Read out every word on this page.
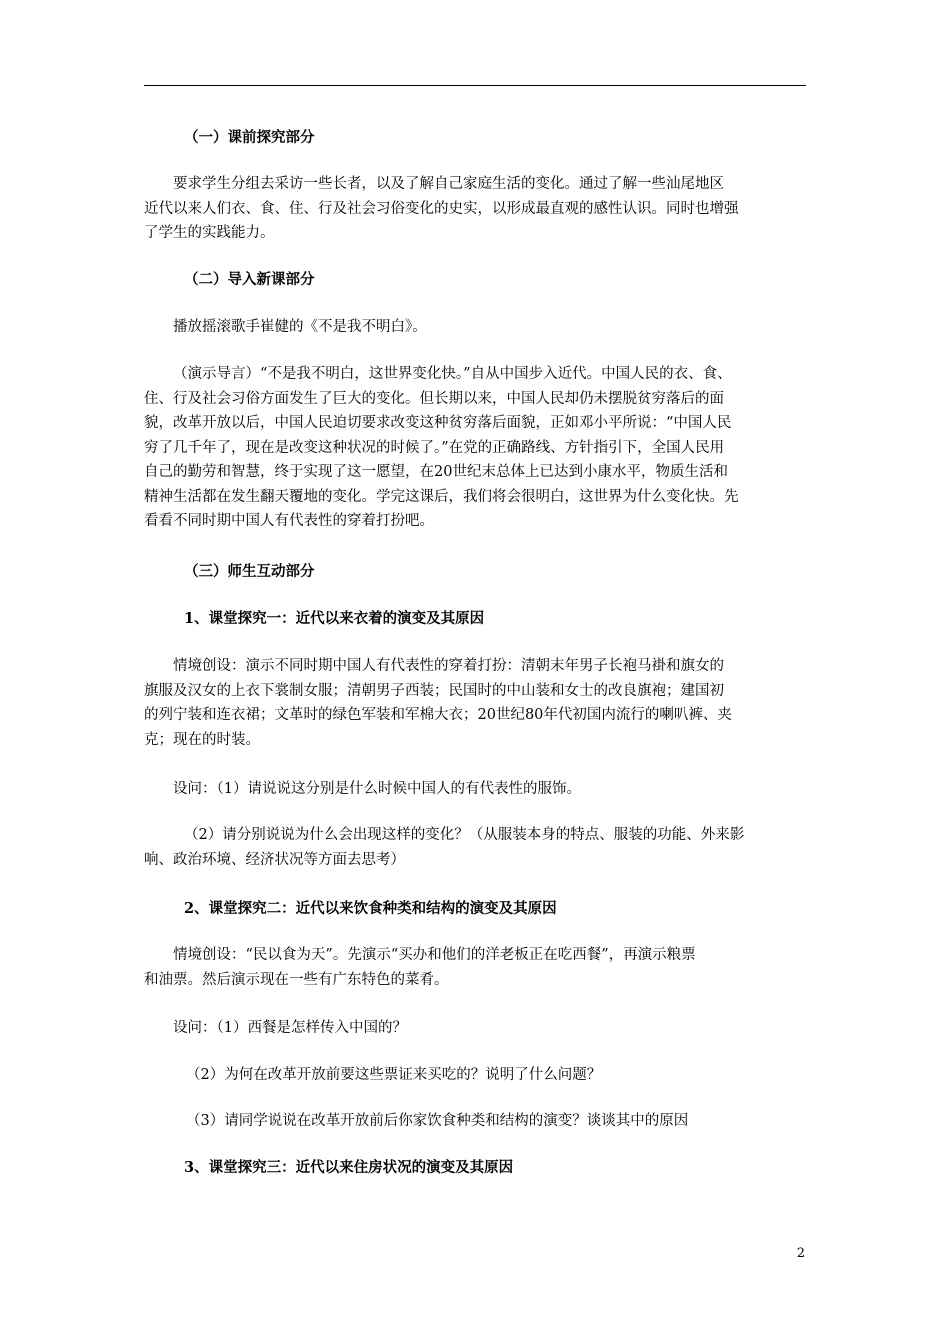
（一）课前探究部分

要求学生分组去采访一些长者，以及了解自己家庭生活的变化。通过了解一些汕尾地区
近代以来人们衣、食、住、行及社会习俗变化的史实，以形成最直观的感性认识。同时也增强
了学生的实践能力。

（二）导入新课部分

播放摇滚歌手崔健的《不是我不明白》。

（演示导言）“不是我不明白，这世界变化快。”自从中国步入近代。中国人民的衣、食、
住、行及社会习俗方面发生了巨大的变化。但长期以来，中国人民却仍未摆脱贫穷落后的面
貌，改革开放以后，中国人民迫切要求改变这种贫穷落后面貌，正如邓小平所说：“中国人民
穷了几千年了，现在是改变这种状况的时候了。”在党的正确路线、方针指引下，全国人民用
自己的勤劳和智慧，终于实现了这一愿望，在20世纪末总体上已达到小康水平，物质生活和
精神生活都在发生翻天覆地的变化。学完这课后，我们将会很明白，这世界为什么变化快。先
看看不同时期中国人有代表性的穿着打扮吧。

（三）师生互动部分

1、课堂探究一：近代以来衣着的演变及其原因

情境创设：演示不同时期中国人有代表性的穿着打扮：清朝末年男子长袍马褂和旗女的
旗服及汉女的上衣下裳制女服；清朝男子西装；民国时的中山装和女士的改良旗袍；建国初
的列宁装和连衣裙；文革时的绿色军装和军棉大衣；20世纪80年代初国内流行的喇叭裤、夹
克；现在的时装。

设问：（1）请说说这分别是什么时候中国人的有代表性的服饰。

（2）请分别说说为什么会出现这样的变化？（从服装本身的特点、服装的功能、外来影
响、政治环境、经济状况等方面去思考）

2、课堂探究二：近代以来饮食种类和结构的演变及其原因

情境创设：“民以食为天”。先演示“买办和他们的洋老板正在吃西餐”，再演示粮票
和油票。然后演示现在一些有广东特色的菜肴。

设问：（1）西餐是怎样传入中国的？

（2）为何在改革开放前要这些票证来买吃的？说明了什么问题？

（3）请同学说说在改革开放前后你家饮食种类和结构的演变？谈谈其中的原因

3、课堂探究三：近代以来住房状况的演变及其原因

2
